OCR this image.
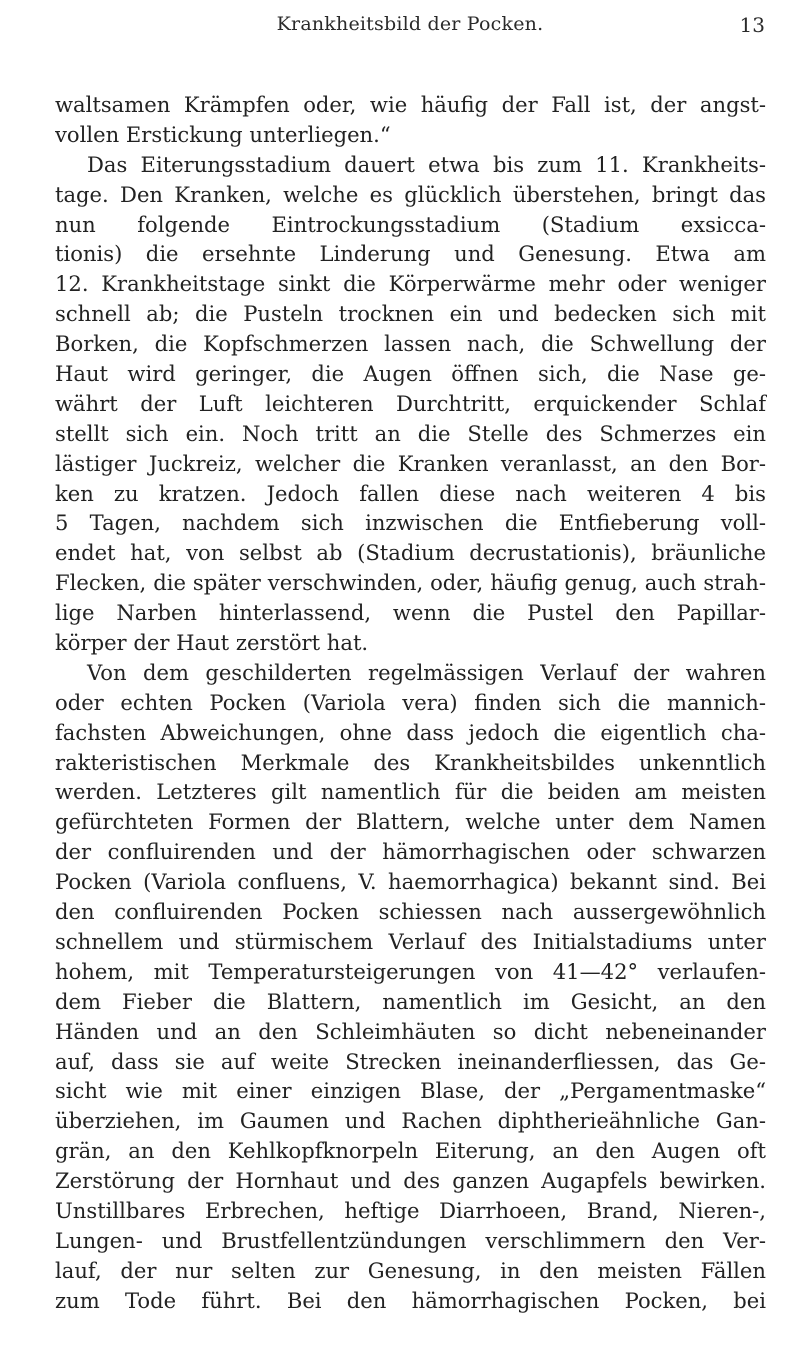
Krankheitsbild der Pocken.	13
waltsamen Krämpfen oder, wie häufig der Fall ist, der angst-
vollen Erstickung unterliegen.“
Das Eiterungsstadium dauert etwa bis zum 11. Krankheits-
tage. Den Kranken, welche es glücklich überstehen, bringt das
nun folgende Eintrockungsstadium (Stadium exsicca-
tionis) die ersehnte Linderung und Genesung. Etwa am
12. Krankheitstage sinkt die Körperwärme mehr oder weniger
schnell ab; die Pusteln trocknen ein und bedecken sich mit
Borken, die Kopfschmerzen lassen nach, die Schwellung der
Haut wird geringer, die Augen öffnen sich, die Nase ge-
währt der Luft leichteren Durchtritt, erquickender Schlaf
stellt sich ein. Noch tritt an die Stelle des Schmerzes ein
lästiger Juckreiz, welcher die Kranken veranlasst, an den Bor-
ken zu kratzen. Jedoch fallen diese nach weiteren 4 bis
5 Tagen, nachdem sich inzwischen die Entfieberung voll-
endet hat, von selbst ab (Stadium decrustationis), bräunliche
Flecken, die später verschwinden, oder, häufig genug, auch strah-
lige Narben hinterlassend, wenn die Pustel den Papillar-
körper der Haut zerstört hat.
Von dem geschilderten regelmässigen Verlauf der wahren
oder echten Pocken (Variola vera) finden sich die mannich-
fachsten Abweichungen, ohne dass jedoch die eigentlich cha-
rakteristischen Merkmale des Krankheitsbildes unkenntlich
werden. Letzteres gilt namentlich für die beiden am meisten
gefürchteten Formen der Blattern, welche unter dem Namen
der confluirenden und der hämorrhagischen oder schwarzen
Pocken (Variola confluens, V. haemorrhagica) bekannt sind. Bei
den confluirenden Pocken schiessen nach aussergewöhnlich
schnellem und stürmischem Verlauf des Initialstadiums unter
hohem, mit Temperatursteigerungen von 41—42° verlaufen-
dem Fieber die Blattern, namentlich im Gesicht, an den
Händen und an den Schleimhäuten so dicht nebeneinander
auf, dass sie auf weite Strecken ineinanderfliessen, das Ge-
sicht wie mit einer einzigen Blase, der „Pergamentmaske“
überziehen, im Gaumen und Rachen diphtherieähnliche Gan-
grän, an den Kehlkopfknorpeln Eiterung, an den Augen oft
Zerstörung der Hornhaut und des ganzen Augapfels bewirken.
Unstillbares Erbrechen, heftige Diarrhoeen, Brand, Nieren-,
Lungen- und Brustfellentzündungen verschlimmern den Ver-
lauf, der nur selten zur Genesung, in den meisten Fällen
zum Tode führt. Bei den hämorrhagischen Pocken, bei
